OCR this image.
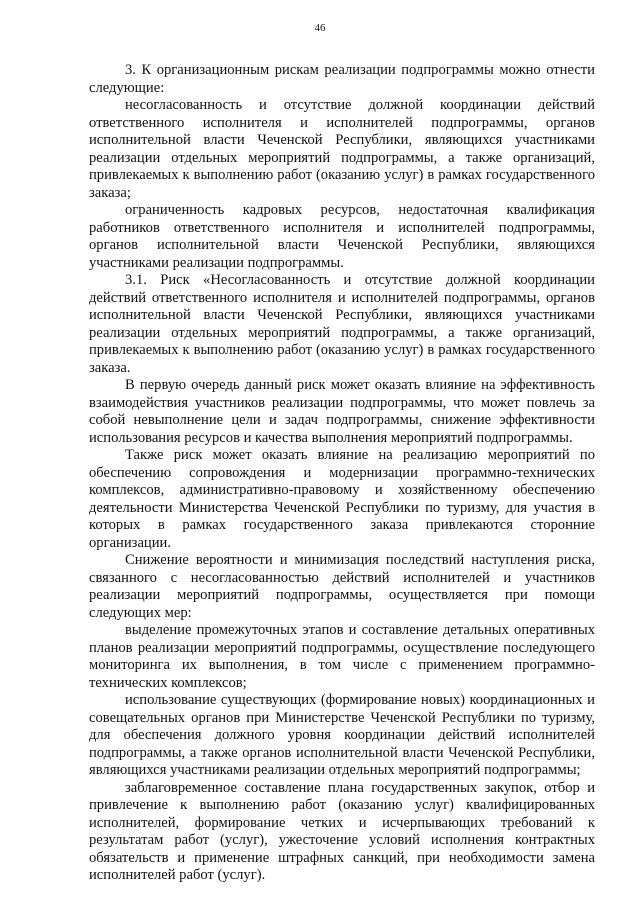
46

3. К организационным рискам реализации подпрограммы можно отнести следующие:

несогласованность и отсутствие должной координации действий ответственного исполнителя и исполнителей подпрограммы, органов исполнительной власти Чеченской Республики, являющихся участниками реализации отдельных мероприятий подпрограммы, а также организаций, привлекаемых к выполнению работ (оказанию услуг) в рамках государственного заказа;

ограниченность кадровых ресурсов, недостаточная квалификация работников ответственного исполнителя и исполнителей подпрограммы, органов исполнительной власти Чеченской Республики, являющихся участниками реализации подпрограммы.

3.1. Риск «Несогласованность и отсутствие должной координации действий ответственного исполнителя и исполнителей подпрограммы, органов исполнительной власти Чеченской Республики, являющихся участниками реализации отдельных мероприятий подпрограммы, а также организаций, привлекаемых к выполнению работ (оказанию услуг) в рамках государственного заказа.

В первую очередь данный риск может оказать влияние на эффективность взаимодействия участников реализации подпрограммы, что может повлечь за собой невыполнение цели и задач подпрограммы, снижение эффективности использования ресурсов и качества выполнения мероприятий подпрограммы.

Также риск может оказать влияние на реализацию мероприятий по обеспечению сопровождения и модернизации программно-технических комплексов, административно-правовому и хозяйственному обеспечению деятельности Министерства Чеченской Республики по туризму, для участия в которых в рамках государственного заказа привлекаются сторонние организации.

Снижение вероятности и минимизация последствий наступления риска, связанного с несогласованностью действий исполнителей и участников реализации мероприятий подпрограммы, осуществляется при помощи следующих мер:

выделение промежуточных этапов и составление детальных оперативных планов реализации мероприятий подпрограммы, осуществление последующего мониторинга их выполнения, в том числе с применением программно-технических комплексов;

использование существующих (формирование новых) координационных и совещательных органов при Министерстве Чеченской Республики по туризму, для обеспечения должного уровня координации действий исполнителей подпрограммы, а также органов исполнительной власти Чеченской Республики, являющихся участниками реализации отдельных мероприятий подпрограммы;

заблаговременное составление плана государственных закупок, отбор и привлечение к выполнению работ (оказанию услуг) квалифицированных исполнителей, формирование четких и исчерпывающих требований к результатам работ (услуг), ужесточение условий исполнения контрактных обязательств и применение штрафных санкций, при необходимости замена исполнителей работ (услуг).
